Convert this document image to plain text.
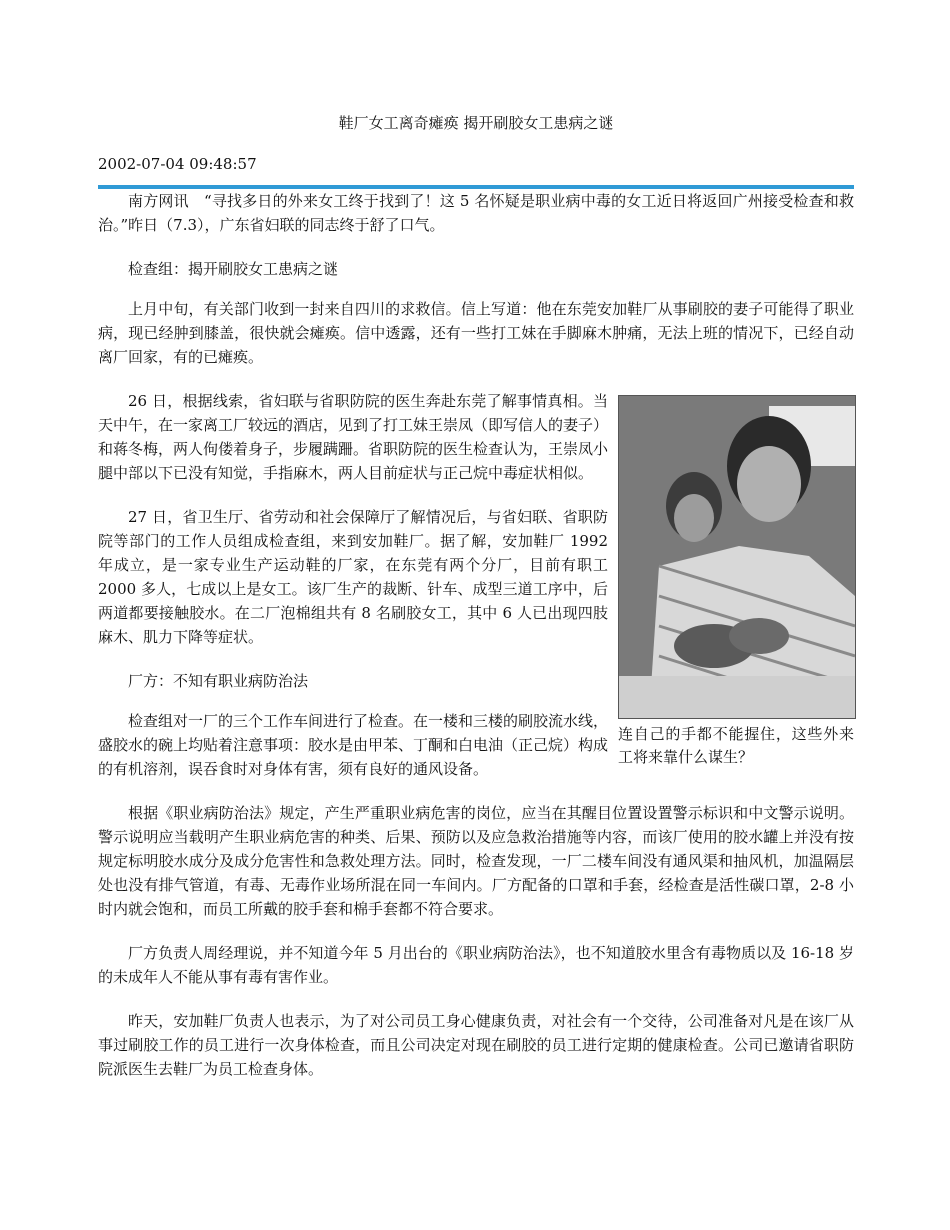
鞋厂女工离奇瘫痪 揭开刷胶女工患病之谜
2002-07-04 09:48:57

南方网讯　“寻找多日的外来女工终于找到了！这 5 名怀疑是职业病中毒的女工近日将返回广州接受检查和救治。”昨日（7.3），广东省妇联的同志终于舒了口气。

检查组：揭开刷胶女工患病之谜

上月中旬，有关部门收到一封来自四川的求救信。信上写道：他在东莞安加鞋厂从事刷胶的妻子可能得了职业病，现已经肿到膝盖，很快就会瘫痪。信中透露，还有一些打工妹在手脚麻木肿痛，无法上班的情况下，已经自动离厂回家，有的已瘫痪。

连自己的手都不能握住，这些外来工将来靠什么谋生？

26 日，根据线索，省妇联与省职防院的医生奔赴东莞了解事情真相。当天中午，在一家离工厂较远的酒店，见到了打工妹王崇凤（即写信人的妻子）和蒋冬梅，两人佝偻着身子，步履蹒跚。省职防院的医生检查认为，王崇凤小腿中部以下已没有知觉，手指麻木，两人目前症状与正己烷中毒症状相似。

27 日，省卫生厅、省劳动和社会保障厅了解情况后，与省妇联、省职防院等部门的工作人员组成检查组，来到安加鞋厂。据了解，安加鞋厂 1992 年成立，是一家专业生产运动鞋的厂家，在东莞有两个分厂，目前有职工 2000 多人，七成以上是女工。该厂生产的裁断、针车、成型三道工序中，后两道都要接触胶水。在二厂泡棉组共有 8 名刷胶女工，其中 6 人已出现四肢麻木、肌力下降等症状。

厂方：不知有职业病防治法

检查组对一厂的三个工作车间进行了检查。在一楼和三楼的刷胶流水线，盛胶水的碗上均贴着注意事项：胶水是由甲苯、丁酮和白电油（正己烷）构成的有机溶剂，误吞食时对身体有害，须有良好的通风设备。

根据《职业病防治法》规定，产生严重职业病危害的岗位，应当在其醒目位置设置警示标识和中文警示说明。警示说明应当载明产生职业病危害的种类、后果、预防以及应急救治措施等内容，而该厂使用的胶水罐上并没有按规定标明胶水成分及成分危害性和急救处理方法。同时，检查发现，一厂二楼车间没有通风渠和抽风机，加温隔层处也没有排气管道，有毒、无毒作业场所混在同一车间内。厂方配备的口罩和手套，经检查是活性碳口罩，2-8 小时内就会饱和，而员工所戴的胶手套和棉手套都不符合要求。

厂方负责人周经理说，并不知道今年 5 月出台的《职业病防治法》，也不知道胶水里含有毒物质以及 16-18 岁的未成年人不能从事有毒有害作业。

昨天，安加鞋厂负责人也表示，为了对公司员工身心健康负责，对社会有一个交待，公司准备对凡是在该厂从事过刷胶工作的员工进行一次身体检查，而且公司决定对现在刷胶的员工进行定期的健康检查。公司已邀请省职防院派医生去鞋厂为员工检查身体。
